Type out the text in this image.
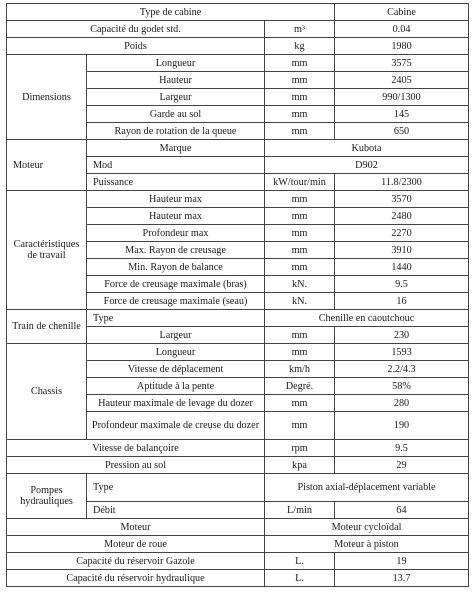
Type de cabine			Cabine
Capacité du godet std.		m³	0.04
Poids		kg	1980
Dimensions	Longueur	mm	3575
	Hauteur	mm	2405
	Largeur	mm	990/1300
	Garde au sol	mm	145
	Rayon de rotation de la queue	mm	650
Moteur	Marque	Kubota	
	Mod	D902	
	Puissance	kW/tour/min	11.8/2300
Caractéristiques de travail	Hauteur max	mm	3570
	Hauteur max	mm	2480
	Profondeur max	mm	2270
	Max. Rayon de creusage	mm	3910
	Min. Rayon de balance	mm	1440
	Force de creusage maximale (bras)	kN.	9.5
	Force de creusage maximale (seau)	kN.	16
Train de chenille	Type	Chenille en caoutchouc	
	Largeur	mm	230
Chassis	Longueur	mm	1593
	Vitesse de déplacement	km/h	2.2/4.3
	Aptitude à la pente	Degré.	58%
	Hauteur maximale de levage du dozer	mm	280
	Profondeur maximale de creuse du dozer	mm	190
Vitesse de balançoire		rpm	9.5
Pression au sol		kpa	29
Pompes hydrauliques	Type	Piston axial-déplacement variable	
	Débit	L/min	64
Moteur		Moteur cycloïdal	
Moteur de roue		Moteur à piston	
Capacité du réservoir Gazole		L.	19
Capacité du réservoir hydraulique		L.	13.7
